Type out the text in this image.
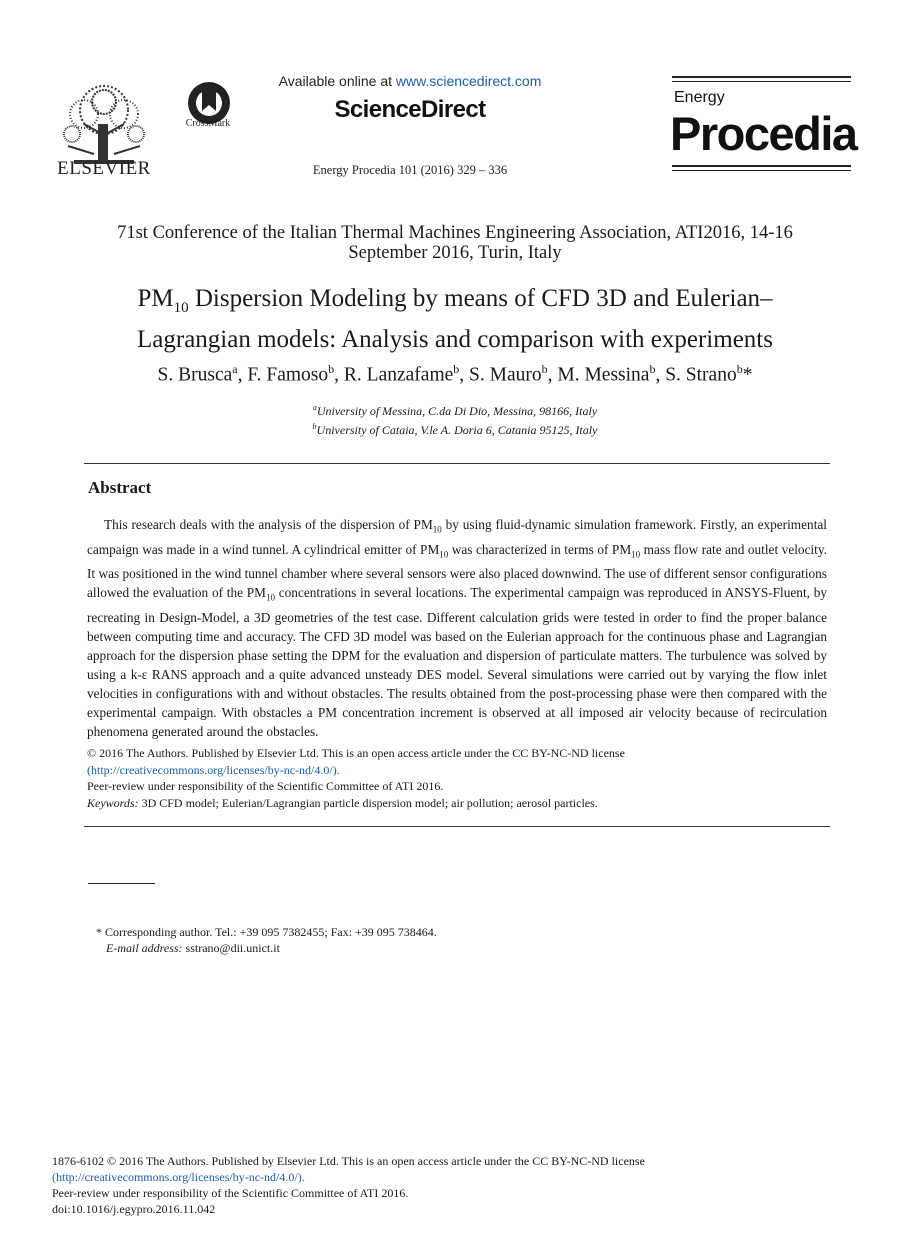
ELSEVIER
CrossMark
Available online at www.sciencedirect.com
ScienceDirect
Energy Procedia 101 (2016) 329 – 336
Energy
Procedia
71st Conference of the Italian Thermal Machines Engineering Association, ATI2016, 14-16 September 2016, Turin, Italy
$PM_{10}$ Dispersion Modeling by means of CFD 3D and Eulerian–
Lagrangian models: Analysis and comparison with experiments
S. Brusca$^a$, F. Famoso$^b$, R. Lanzafame$^b$, S. Mauro$^b$, M. Messina$^b$, S. Strano$^b$*
$^a$University of Messina, C.da Di Dio, Messina, 98166, Italy
$^b$University of Cataia, V.le A. Doria 6, Catania 95125, Italy
Abstract

This research deals with the analysis of the dispersion of $PM_{10}$ by using fluid-dynamic simulation framework. Firstly, an experimental campaign was made in a wind tunnel. A cylindrical emitter of $PM_{10}$ was characterized in terms of $PM_{10}$ mass flow rate and outlet velocity. It was positioned in the wind tunnel chamber where several sensors were also placed downwind. The use of different sensor configurations allowed the evaluation of the $PM_{10}$ concentrations in several locations. The experimental campaign was reproduced in ANSYS-Fluent, by recreating in Design-Model, a 3D geometries of the test case. Different calculation grids were tested in order to find the proper balance between computing time and accuracy. The CFD 3D model was based on the Eulerian approach for the continuous phase and Lagrangian approach for the dispersion phase setting the DPM for the evaluation and dispersion of particulate matters. The turbulence was solved by using a k-ε RANS approach and a quite advanced unsteady DES model. Several simulations were carried out by varying the flow inlet velocities in configurations with and without obstacles. The results obtained from the post-processing phase were then compared with the experimental campaign. With obstacles a PM concentration increment is observed at all imposed air velocity because of recirculation phenomena generated around the obstacles.

© 2016 The Authors. Published by Elsevier Ltd. This is an open access article under the CC BY-NC-ND license
(http://creativecommons.org/licenses/by-nc-nd/4.0/).
Peer-review under responsibility of the Scientific Committee of ATI 2016.
Keywords: 3D CFD model; Eulerian/Lagrangian particle dispersion model; air pollution; aerosol particles.
* Corresponding author. Tel.: +39 095 7382455; Fax: +39 095 738464.
E-mail address: sstrano@dii.unict.it
1876-6102 © 2016 The Authors. Published by Elsevier Ltd. This is an open access article under the CC BY-NC-ND license
(http://creativecommons.org/licenses/by-nc-nd/4.0/).
Peer-review under responsibility of the Scientific Committee of ATI 2016.
doi:10.1016/j.egypro.2016.11.042
